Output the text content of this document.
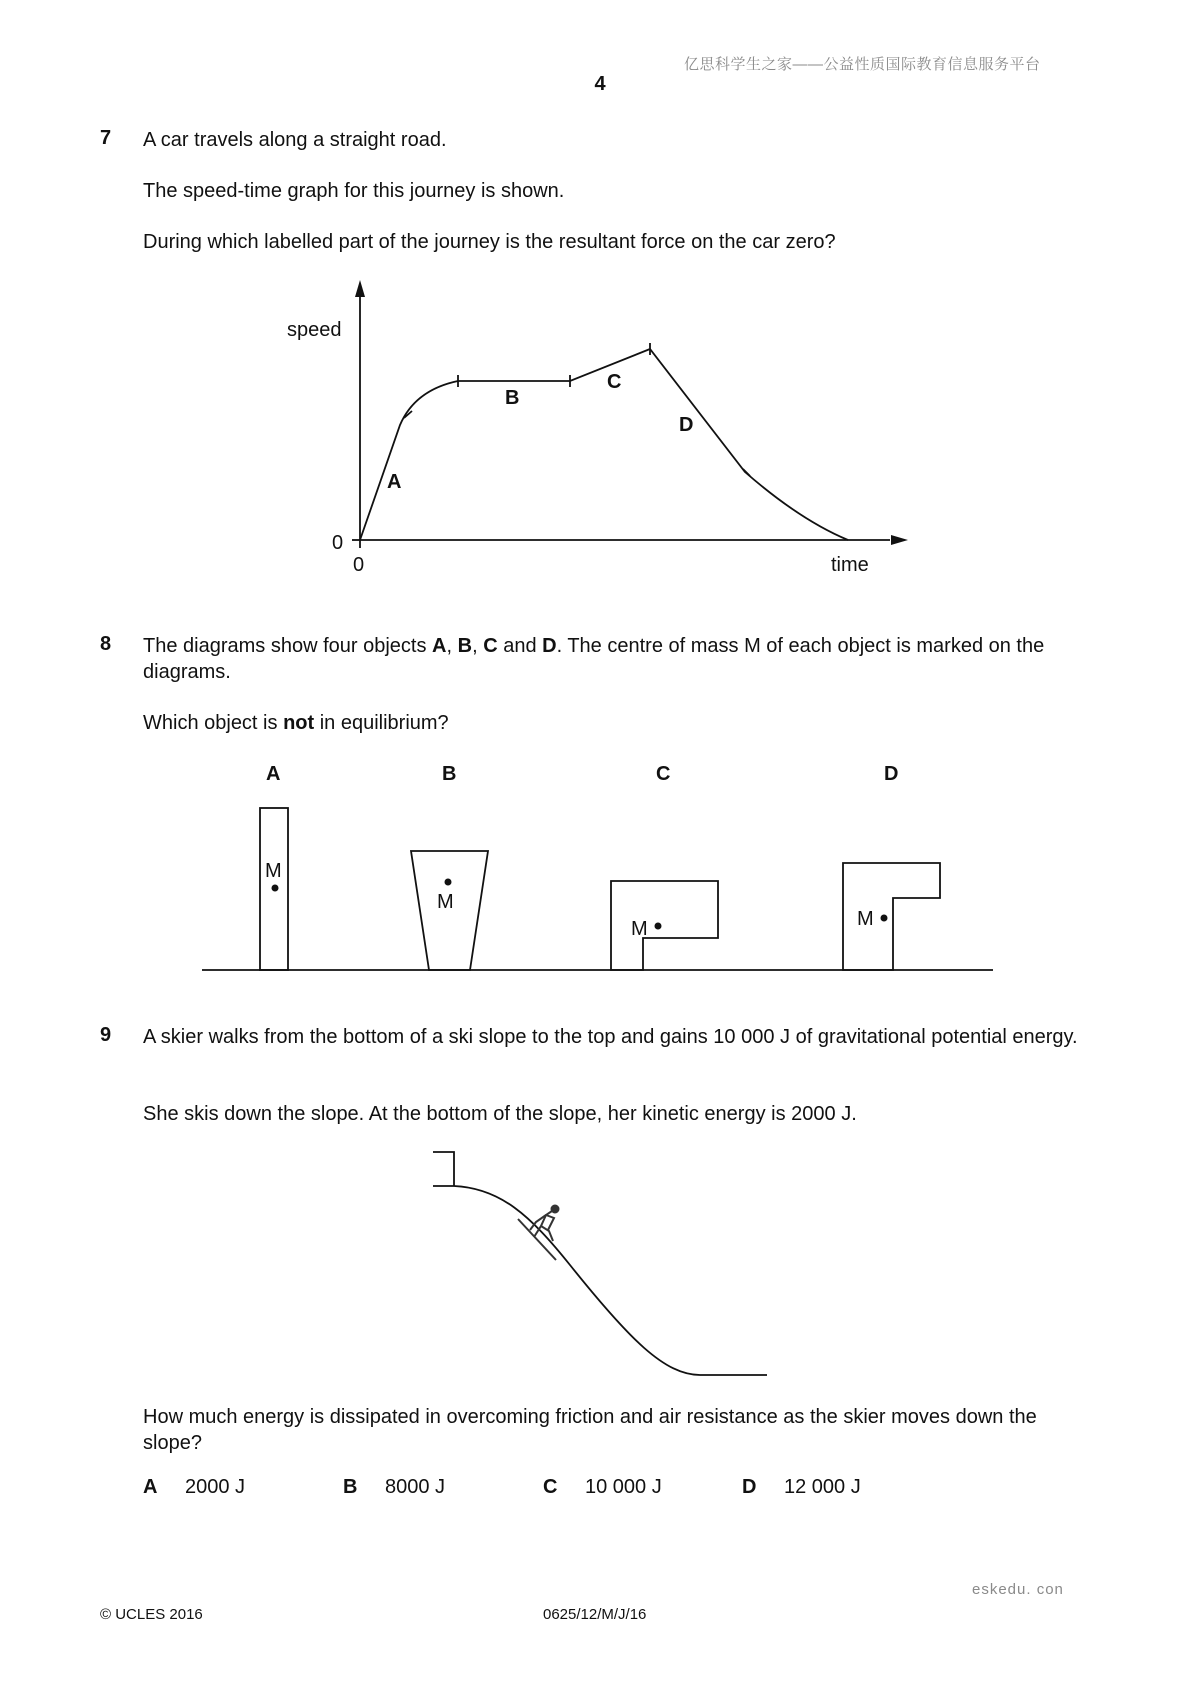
亿思科学生之家——公益性质国际教育信息服务平台
4
7 A car travels along a straight road.
The speed-time graph for this journey is shown.
During which labelled part of the journey is the resultant force on the car zero?
speed
0
0	time
A
B
C
D
8 The diagrams show four objects A, B, C and D. The centre of mass M of each object is marked on the diagrams.
Which object is not in equilibrium?
A	B	C	D
M
M
M	M
9 A skier walks from the bottom of a ski slope to the top and gains 10 000 J of gravitational potential energy.
She skis down the slope. At the bottom of the slope, her kinetic energy is 2000 J.
How much energy is dissipated in overcoming friction and air resistance as the skier moves down the slope?
A 2000 J	B 8000 J	C 10 000 J	D 12 000 J
eskedu. con
© UCLES 2016	0625/12/M/J/16
